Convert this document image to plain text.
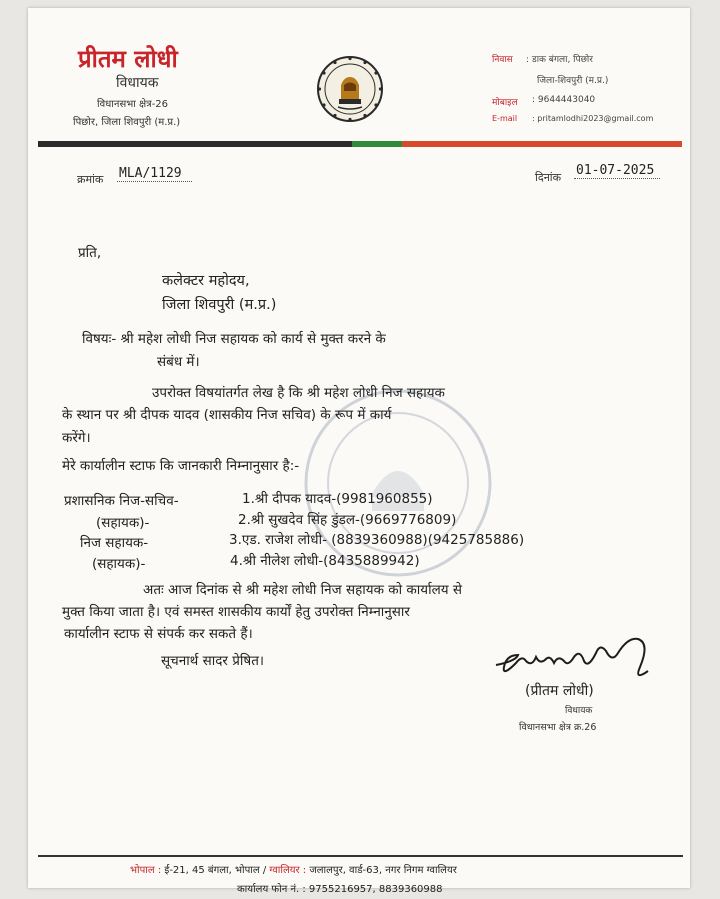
प्रीतम लोधी
विधायक
विधानसभा क्षेत्र-26
पिछोर, जिला शिवपुरी (म.प्र.)
निवास : डाक बंगला, पिछोर
जिला-शिवपुरी (म.प्र.)
मोबाइल : 9644443040
E-mail : pritamlodhi2023@gmail.com
क्रमांक MLA/1129	दिनांक 01-07-2025
प्रति,
कलेक्टर महोदय,
जिला शिवपुरी (म.प्र.)
विषयः- श्री महेश लोधी निज सहायक को कार्य से मुक्त करने के
संबंध में।
उपरोक्त विषयांतर्गत लेख है कि श्री महेश लोधी निज सहायक
के स्थान पर श्री दीपक यादव (शासकीय निज सचिव) के रूप में कार्य
करेंगे।
मेरे कार्यालीन स्टाफ कि जानकारी निम्नानुसार है:-
प्रशासनिक निज-सचिव-	1.श्री दीपक यादव-(9981960855)
(सहायक)-	2.श्री सुखदेव सिंह डुंडल-(9669776809)
निज सहायक-	3.एड. राजेश लोधी- (8839360988)(9425785886)
(सहायक)-	4.श्री नीलेश लोधी-(8435889942)
अतः आज दिनांक से श्री महेश लोधी निज सहायक को कार्यालय से
मुक्त किया जाता है। एवं समस्त शासकीय कार्यों हेतु उपरोक्त निम्नानुसार
कार्यालीन स्टाफ से संपर्क कर सकते हैं।
सूचनार्थ सादर प्रेषित।
(प्रीतम लोधी)
विधायक
विधानसभा क्षेत्र क्र.26
भोपाल : ई-21, 45 बंगला, भोपाल / ग्वालियर : जलालपुर, वार्ड-63, नगर निगम ग्वालियर
कार्यालय फोन नं. : 9755216957, 8839360988
